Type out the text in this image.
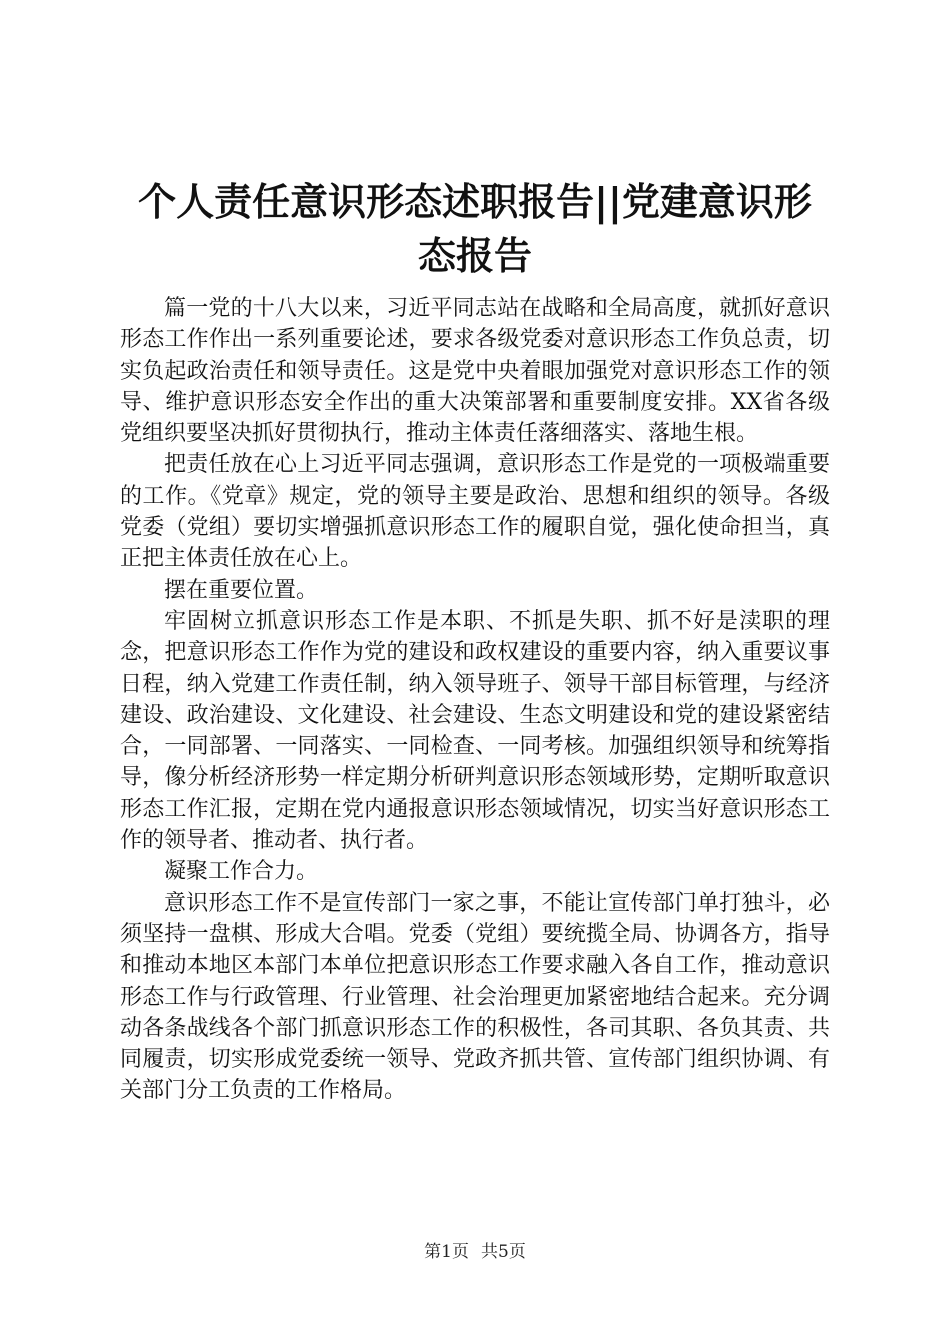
个人责任意识形态述职报告||党建意识形态报告

篇一党的十八大以来，习近平同志站在战略和全局高度，就抓好意识形态工作作出一系列重要论述，要求各级党委对意识形态工作负总责，切实负起政治责任和领导责任。这是党中央着眼加强党对意识形态工作的领导、维护意识形态安全作出的重大决策部署和重要制度安排。XX省各级党组织要坚决抓好贯彻执行，推动主体责任落细落实、落地生根。

把责任放在心上习近平同志强调，意识形态工作是党的一项极端重要的工作。《党章》规定，党的领导主要是政治、思想和组织的领导。各级党委（党组）要切实增强抓意识形态工作的履职自觉，强化使命担当，真正把主体责任放在心上。

摆在重要位置。

牢固树立抓意识形态工作是本职、不抓是失职、抓不好是渎职的理念，把意识形态工作作为党的建设和政权建设的重要内容，纳入重要议事日程，纳入党建工作责任制，纳入领导班子、领导干部目标管理，与经济建设、政治建设、文化建设、社会建设、生态文明建设和党的建设紧密结合，一同部署、一同落实、一同检查、一同考核。加强组织领导和统筹指导，像分析经济形势一样定期分析研判意识形态领域形势，定期听取意识形态工作汇报，定期在党内通报意识形态领域情况，切实当好意识形态工作的领导者、推动者、执行者。

凝聚工作合力。

意识形态工作不是宣传部门一家之事，不能让宣传部门单打独斗，必须坚持一盘棋、形成大合唱。党委（党组）要统揽全局、协调各方，指导和推动本地区本部门本单位把意识形态工作要求融入各自工作，推动意识形态工作与行政管理、行业管理、社会治理更加紧密地结合起来。充分调动各条战线各个部门抓意识形态工作的积极性，各司其职、各负其责、共同履责，切实形成党委统一领导、党政齐抓共管、宣传部门组织协调、有关部门分工负责的工作格局。

第1页 共5页
